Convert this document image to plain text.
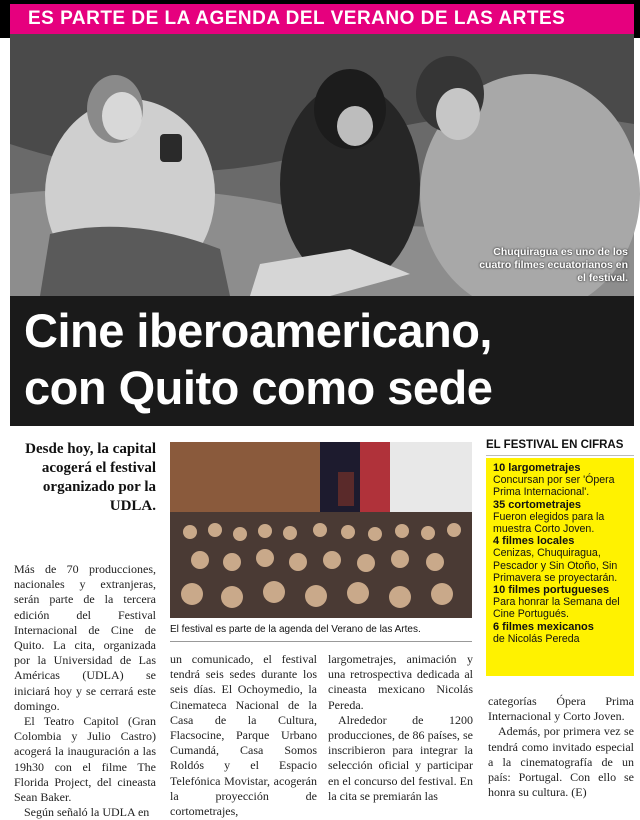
ES PARTE DE LA AGENDA DEL VERANO DE LAS ARTES
Chuquiragua es uno de los cuatro filmes ecuatorianos en el festival.
Cine iberoamericano,
con Quito como sede
Desde hoy, la capital acogerá el festival organizado por la UDLA.

Más de 70 producciones, nacionales y extranjeras, serán parte de la tercera edición del Festival Internacional de Cine de Quito. La cita, organizada por la Universidad de Las Américas (UDLA) se iniciará hoy y se cerrará este domingo.

El Teatro Capitol (Gran Colombia y Julio Castro) acogerá la inauguración a las 19h30 con el filme The Florida Project, del cineasta Sean Baker.

Según señaló la UDLA en

El festival es parte de la agenda del Verano de las Artes.

un comunicado, el festival tendrá seis sedes durante los seis días. El Ochoymedio, la Cinemateca Nacional de la Casa de la Cultura, Flacsocine, Parque Urbano Cumandá, Casa Somos Roldós y el Espacio Telefónica Movistar, acogerán la proyección de cortometrajes,

largometrajes, animación y una retrospectiva dedicada al cineasta mexicano Nicolás Pereda.

Alrededor de 1200 producciones, de 86 países, se inscribieron para integrar la selección oficial y participar en el concurso del festival. En la cita se premiarán las

EL FESTIVAL EN CIFRAS
10 largometrajes
Concursan por ser 'Ópera Prima Internacional'.
35 cortometrajes
Fueron elegidos para la muestra Corto Joven.
4 filmes locales
Cenizas, Chuquiragua, Pescador y Sin Otoño, Sin Primavera se proyectarán.
10 filmes portugueses
Para honrar la Semana del Cine Portugués.
6 filmes mexicanos
de Nicolás Pereda

categorías Ópera Prima Internacional y Corto Joven.

Además, por primera vez se tendrá como invitado especial a la cinematografía de un país: Portugal. Con ello se honra su cultura. (E)
